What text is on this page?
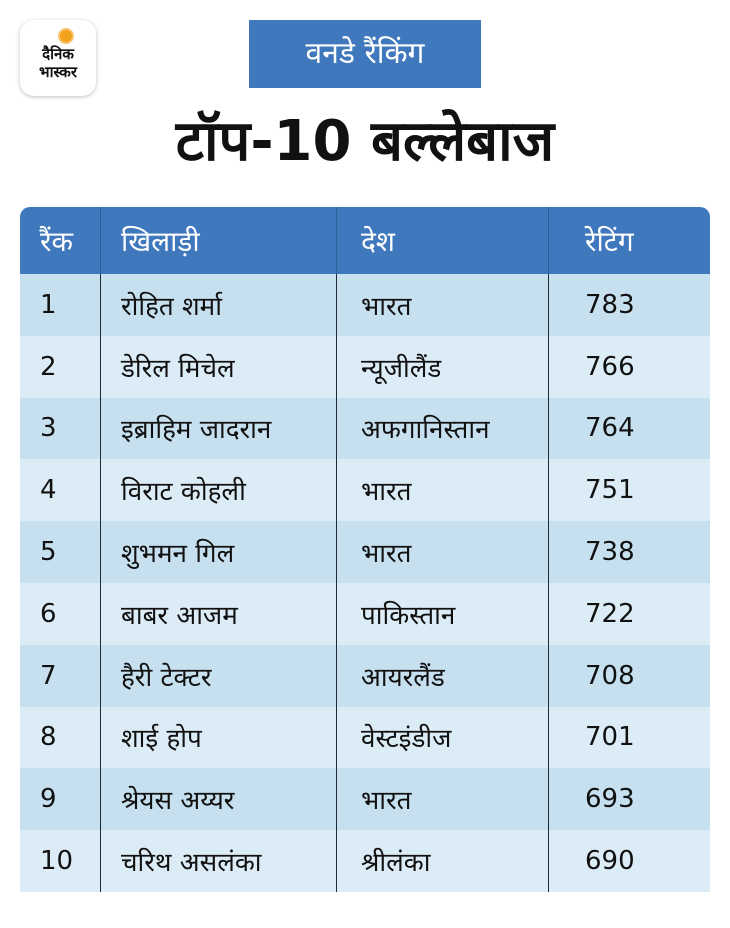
दैनिक
भास्कर
वनडे रैंकिंग
टॉप-10 बल्लेबाज
रैंक	खिलाड़ी	देश	रेटिंग
1	रोहित शर्मा	भारत	783
2	डेरिल मिचेल	न्यूजीलैंड	766
3	इब्राहिम जादरान	अफगानिस्तान	764
4	विराट कोहली	भारत	751
5	शुभमन गिल	भारत	738
6	बाबर आजम	पाकिस्तान	722
7	हैरी टेक्टर	आयरलैंड	708
8	शाई होप	वेस्टइंडीज	701
9	श्रेयस अय्यर	भारत	693
10	चरिथ असलंका	श्रीलंका	690
